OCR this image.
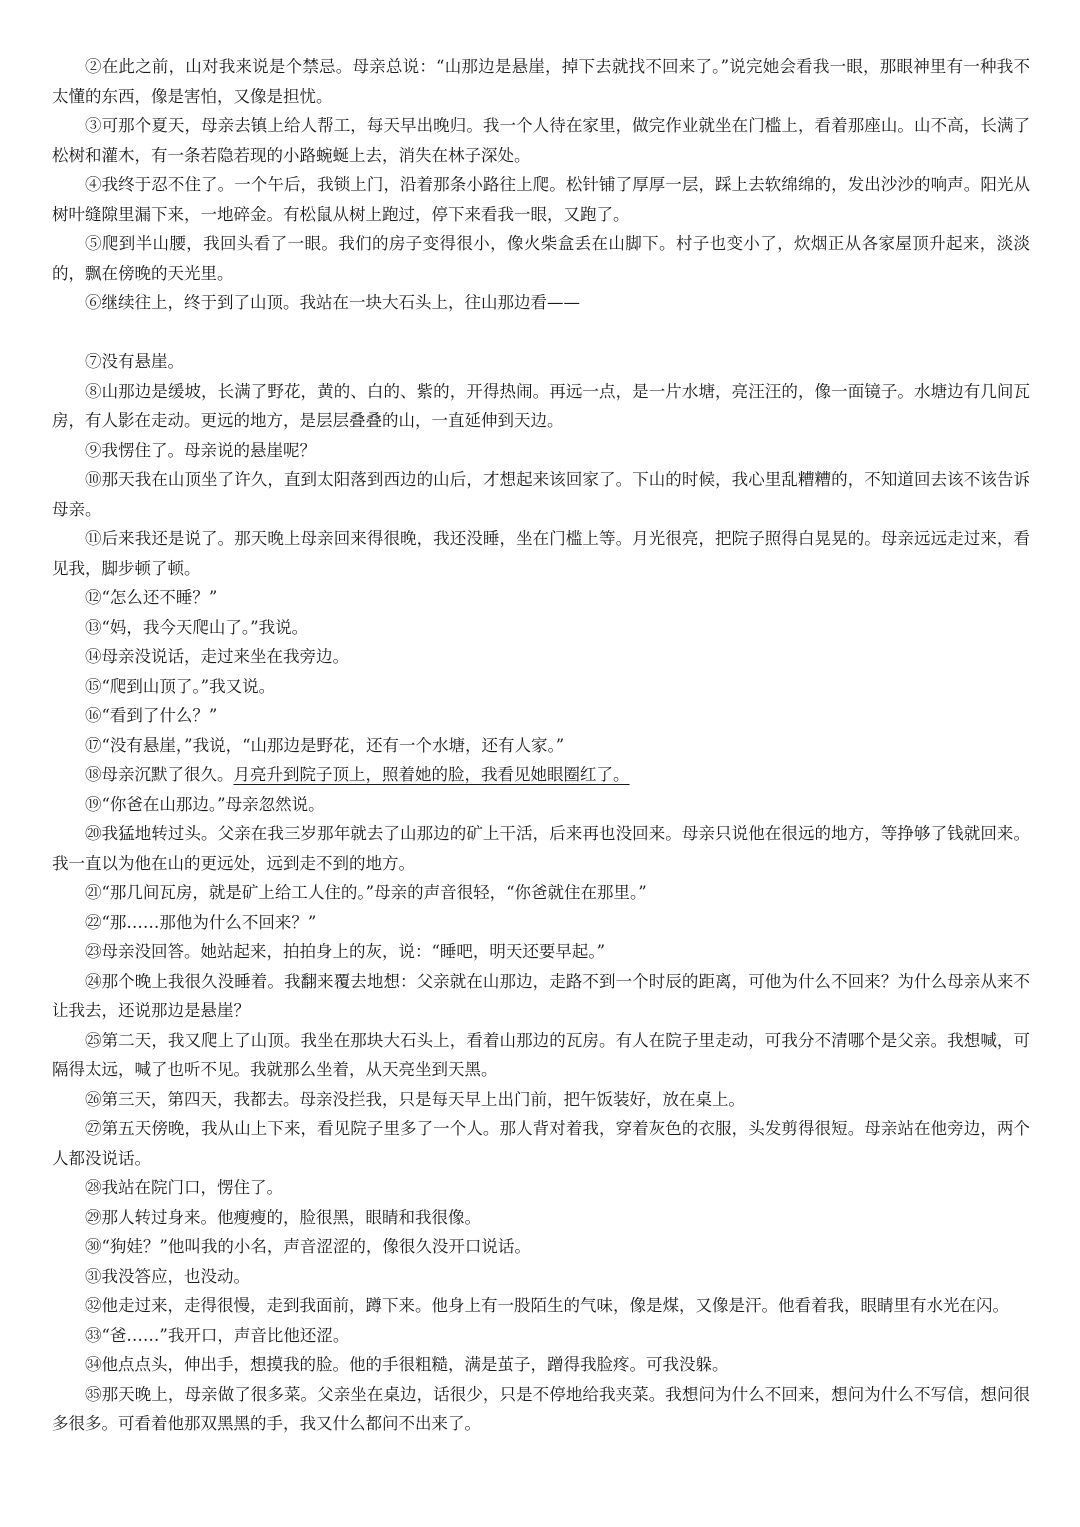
②在此之前，山对我来说是个禁忌。母亲总说：“山那边是悬崖，掉下去就找不回来了。”说完她会看我一眼，那眼神里有一种我不太懂的东西，像是害怕，又像是担忧。

③可那个夏天，母亲去镇上给人帮工，每天早出晚归。我一个人待在家里，做完作业就坐在门槛上，看着那座山。山不高，长满了松树和灌木，有一条若隐若现的小路蜿蜒上去，消失在林子深处。

④我终于忍不住了。一个午后，我锁上门，沿着那条小路往上爬。松针铺了厚厚一层，踩上去软绵绵的，发出沙沙的响声。阳光从树叶缝隙里漏下来，一地碎金。有松鼠从树上跑过，停下来看我一眼，又跑了。

⑤爬到半山腰，我回头看了一眼。我们的房子变得很小，像火柴盒丢在山脚下。村子也变小了，炊烟正从各家屋顶升起来，淡淡的，飘在傍晚的天光里。

⑥继续往上，终于到了山顶。我站在一块大石头上，往山那边看——

⑦没有悬崖。

⑧山那边是缓坡，长满了野花，黄的、白的、紫的，开得热闹。再远一点，是一片水塘，亮汪汪的，像一面镜子。水塘边有几间瓦房，有人影在走动。更远的地方，是层层叠叠的山，一直延伸到天边。

⑨我愣住了。母亲说的悬崖呢？

⑩那天我在山顶坐了许久，直到太阳落到西边的山后，才想起来该回家了。下山的时候，我心里乱糟糟的，不知道回去该不该告诉母亲。

⑪后来我还是说了。那天晚上母亲回来得很晚，我还没睡，坐在门槛上等。月光很亮，把院子照得白晃晃的。母亲远远走过来，看见我，脚步顿了顿。

⑫“怎么还不睡？”

⑬“妈，我今天爬山了。”我说。

⑭母亲没说话，走过来坐在我旁边。

⑮“爬到山顶了。”我又说。

⑯“看到了什么？”

⑰“没有悬崖，”我说，“山那边是野花，还有一个水塘，还有人家。”

⑱母亲沉默了很久。月亮升到院子顶上，照着她的脸，我看见她眼圈红了。

⑲“你爸在山那边。”母亲忽然说。

⑳我猛地转过头。父亲在我三岁那年就去了山那边的矿上干活，后来再也没回来。母亲只说他在很远的地方，等挣够了钱就回来。我一直以为他在山的更远处，远到走不到的地方。

㉑“那几间瓦房，就是矿上给工人住的。”母亲的声音很轻，“你爸就住在那里。”

㉒“那……那他为什么不回来？”

㉓母亲没回答。她站起来，拍拍身上的灰，说：“睡吧，明天还要早起。”

㉔那个晚上我很久没睡着。我翻来覆去地想：父亲就在山那边，走路不到一个时辰的距离，可他为什么不回来？为什么母亲从来不让我去，还说那边是悬崖？

㉕第二天，我又爬上了山顶。我坐在那块大石头上，看着山那边的瓦房。有人在院子里走动，可我分不清哪个是父亲。我想喊，可隔得太远，喊了也听不见。我就那么坐着，从天亮坐到天黑。

㉖第三天，第四天，我都去。母亲没拦我，只是每天早上出门前，把午饭装好，放在桌上。

㉗第五天傍晚，我从山上下来，看见院子里多了一个人。那人背对着我，穿着灰色的衣服，头发剪得很短。母亲站在他旁边，两个人都没说话。

㉘我站在院门口，愣住了。

㉙那人转过身来。他瘦瘦的，脸很黑，眼睛和我很像。

㉚“狗娃？”他叫我的小名，声音涩涩的，像很久没开口说话。

㉛我没答应，也没动。

㉜他走过来，走得很慢，走到我面前，蹲下来。他身上有一股陌生的气味，像是煤，又像是汗。他看着我，眼睛里有水光在闪。

㉝“爸……”我开口，声音比他还涩。

㉞他点点头，伸出手，想摸我的脸。他的手很粗糙，满是茧子，蹭得我脸疼。可我没躲。

㉟那天晚上，母亲做了很多菜。父亲坐在桌边，话很少，只是不停地给我夹菜。我想问为什么不回来，想问为什么不写信，想问很多很多。可看着他那双黑黑的手，我又什么都问不出来了。
